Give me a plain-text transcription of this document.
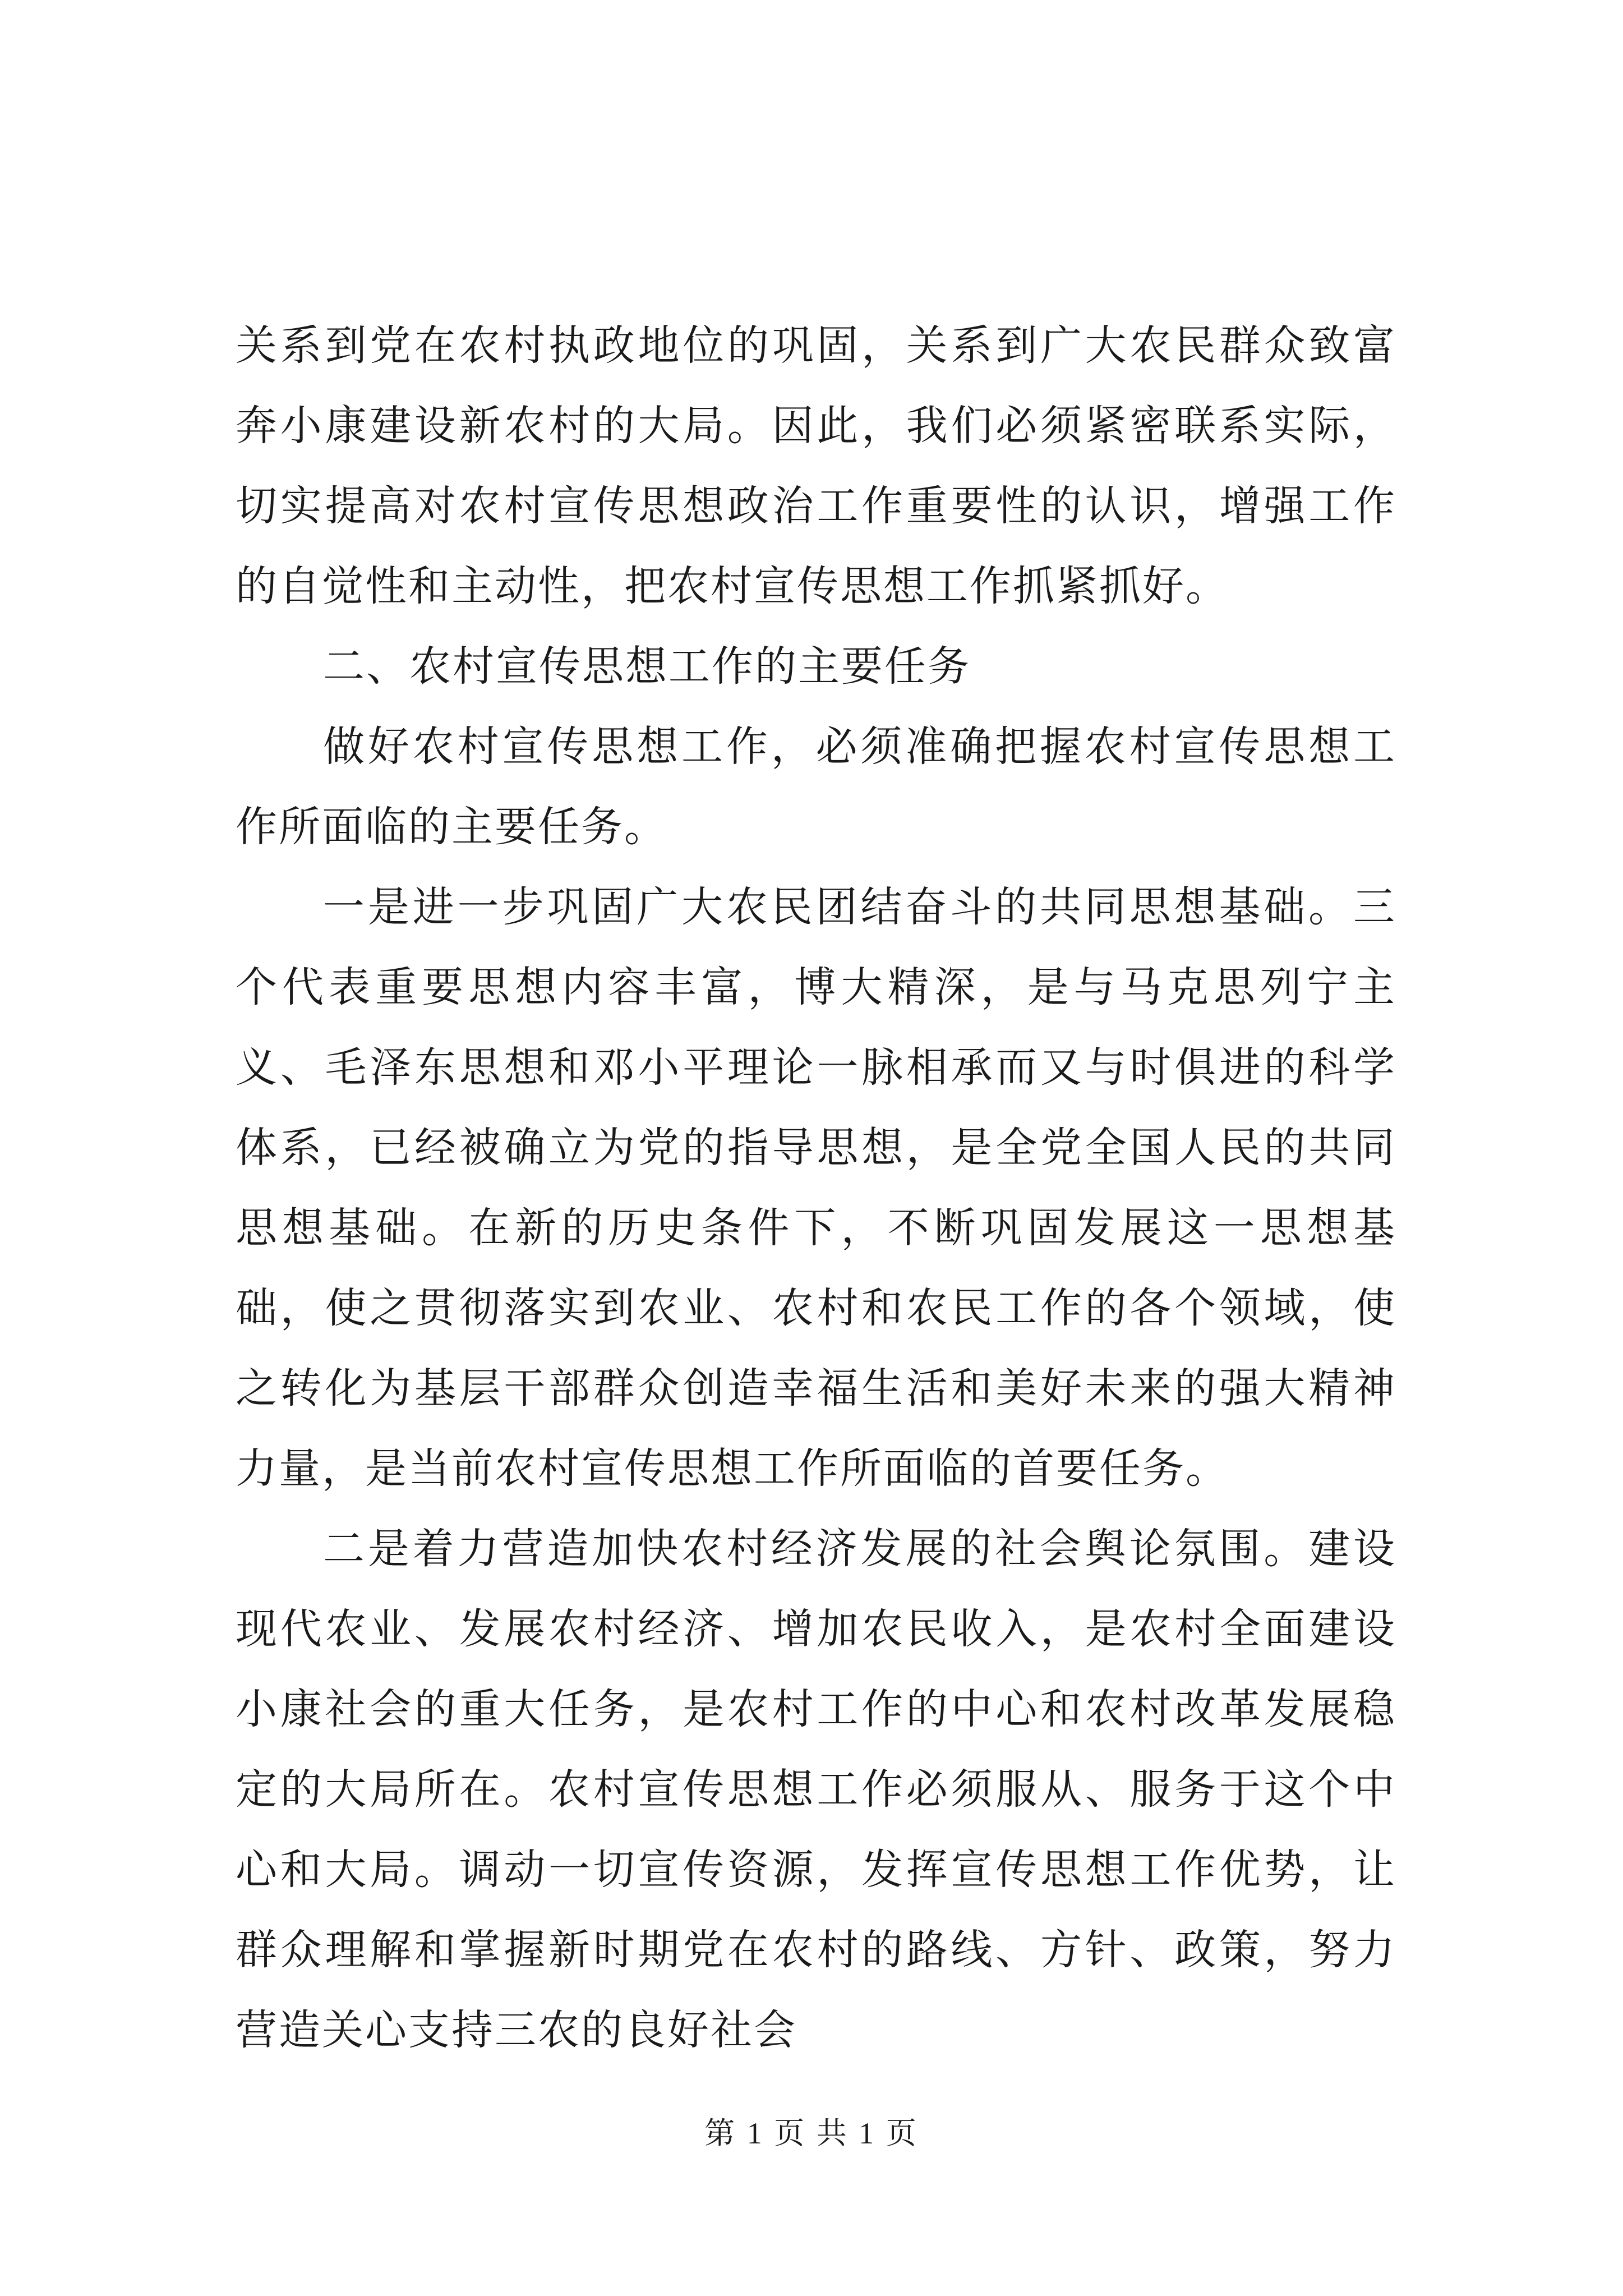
关系到党在农村执政地位的巩固，关系到广大农民群众致富奔小康建设新农村的大局。因此，我们必须紧密联系实际，切实提高对农村宣传思想政治工作重要性的认识，增强工作的自觉性和主动性，把农村宣传思想工作抓紧抓好。

二、农村宣传思想工作的主要任务

做好农村宣传思想工作，必须准确把握农村宣传思想工作所面临的主要任务。

一是进一步巩固广大农民团结奋斗的共同思想基础。三个代表重要思想内容丰富，博大精深，是与马克思列宁主义、毛泽东思想和邓小平理论一脉相承而又与时俱进的科学体系，已经被确立为党的指导思想，是全党全国人民的共同思想基础。在新的历史条件下，不断巩固发展这一思想基础，使之贯彻落实到农业、农村和农民工作的各个领域，使之转化为基层干部群众创造幸福生活和美好未来的强大精神力量，是当前农村宣传思想工作所面临的首要任务。

二是着力营造加快农村经济发展的社会舆论氛围。建设现代农业、发展农村经济、增加农民收入，是农村全面建设小康社会的重大任务，是农村工作的中心和农村改革发展稳定的大局所在。农村宣传思想工作必须服从、服务于这个中心和大局。调动一切宣传资源，发挥宣传思想工作优势，让群众理解和掌握新时期党在农村的路线、方针、政策，努力营造关心支持三农的良好社会

第 1 页 共 1 页
